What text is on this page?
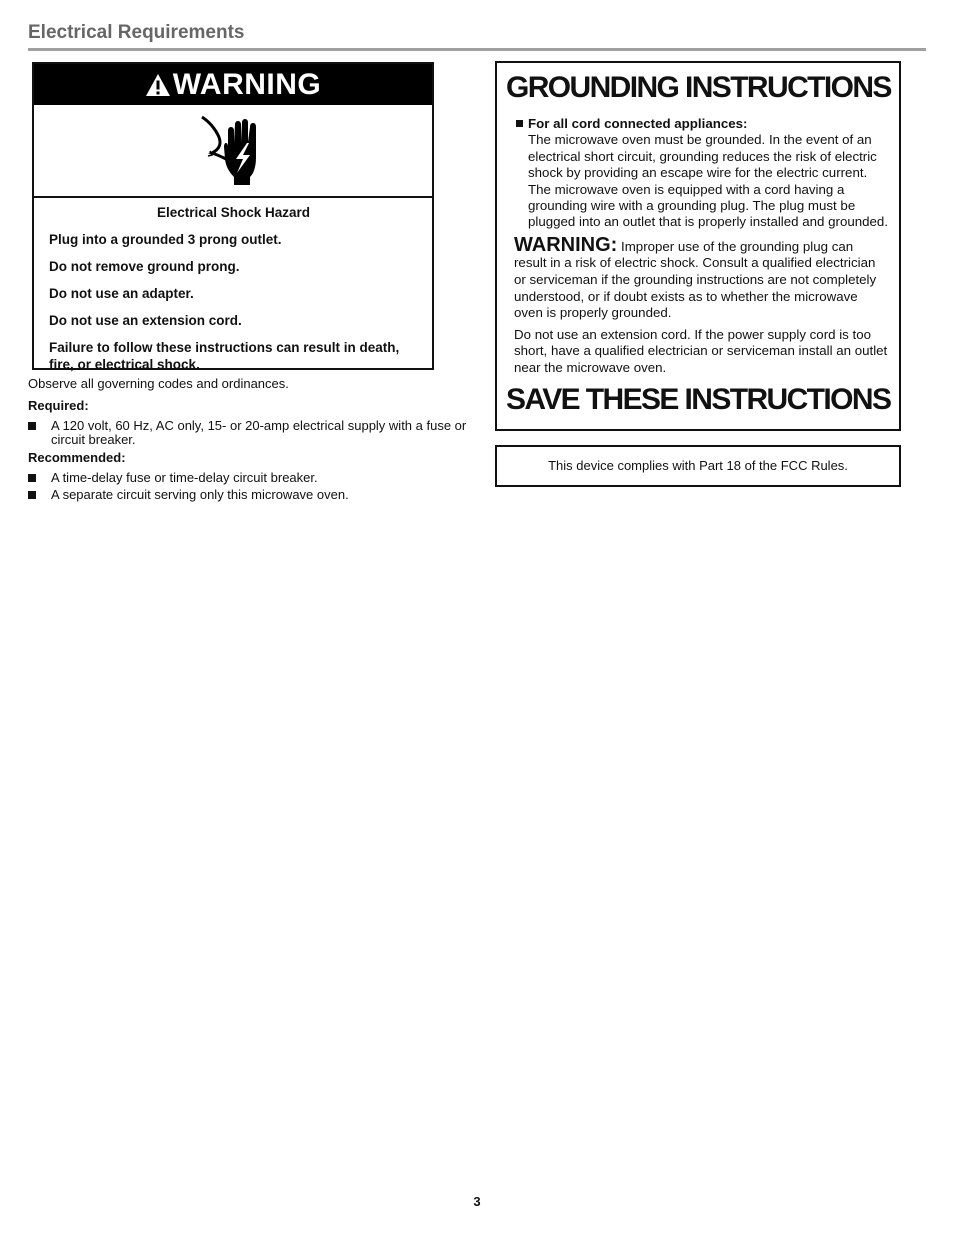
Electrical Requirements
WARNING

Electrical Shock Hazard

Plug into a grounded 3 prong outlet.

Do not remove ground prong.

Do not use an adapter.

Do not use an extension cord.

Failure to follow these instructions can result in death, fire, or electrical shock.

Observe all governing codes and ordinances.

Required:

A 120 volt, 60 Hz, AC only, 15- or 20-amp electrical supply with a fuse or circuit breaker.

Recommended:

A time-delay fuse or time-delay circuit breaker.
A separate circuit serving only this microwave oven.
GROUNDING INSTRUCTIONS
For all cord connected appliances:
The microwave oven must be grounded. In the event of an electrical short circuit, grounding reduces the risk of electric shock by providing an escape wire for the electric current. The microwave oven is equipped with a cord having a grounding wire with a grounding plug. The plug must be plugged into an outlet that is properly installed and grounded.

WARNING: Improper use of the grounding plug can result in a risk of electric shock. Consult a qualified electrician or serviceman if the grounding instructions are not completely understood, or if doubt exists as to whether the microwave oven is properly grounded.

Do not use an extension cord. If the power supply cord is too short, have a qualified electrician or serviceman install an outlet near the microwave oven.

SAVE THESE INSTRUCTIONS
This device complies with Part 18 of the FCC Rules.
3
